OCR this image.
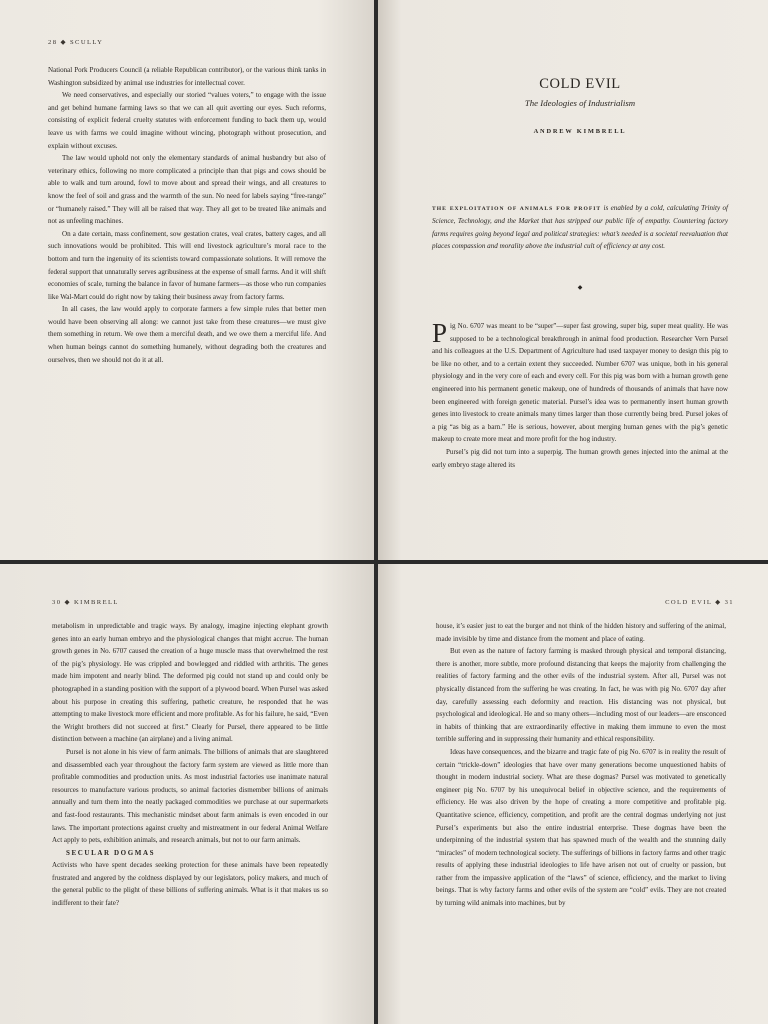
28 ◆ SCULLY

National Pork Producers Council (a reliable Republican contributor), or the various think tanks in Washington subsidized by animal use industries for intellectual cover.

We need conservatives, and especially our storied “values voters,” to engage with the issue and get behind humane farming laws so that we can all quit averting our eyes. Such reforms, consisting of explicit federal cruelty statutes with enforcement funding to back them up, would leave us with farms we could imagine without wincing, photograph without prosecution, and explain without excuses.

The law would uphold not only the elementary standards of animal husbandry but also of veterinary ethics, following no more complicated a principle than that pigs and cows should be able to walk and turn around, fowl to move about and spread their wings, and all creatures to know the feel of soil and grass and the warmth of the sun. No need for labels saying “free-range” or “humanely raised.” They will all be raised that way. They all get to be treated like animals and not as unfeeling machines.

On a date certain, mass confinement, sow gestation crates, veal crates, battery cages, and all such innovations would be prohibited. This will end livestock agriculture’s moral race to the bottom and turn the ingenuity of its scientists toward compassionate solutions. It will remove the federal support that unnaturally serves agribusiness at the expense of small farms. And it will shift economies of scale, turning the balance in favor of humane farmers—as those who run companies like Wal-Mart could do right now by taking their business away from factory farms.

In all cases, the law would apply to corporate farmers a few simple rules that better men would have been observing all along: we cannot just take from these creatures—we must give them something in return. We owe them a merciful death, and we owe them a merciful life. And when human beings cannot do something humanely, without degrading both the creatures and ourselves, then we should not do it at all.

COLD EVIL
The Ideologies of Industrialism
ANDREW KIMBRELL
THE EXPLOITATION OF ANIMALS FOR PROFIT is enabled by a cold, calculating Trinity of Science, Technology, and the Market that has stripped our public life of empathy. Countering factory farms requires going beyond legal and political strategies: what’s needed is a societal reevaluation that places compassion and morality above the industrial cult of efficiency at any cost.
◆

Pig No. 6707 was meant to be “super”—super fast growing, super big, super meat quality. He was supposed to be a technological breakthrough in animal food production. Researcher Vern Pursel and his colleagues at the U.S. Department of Agriculture had used taxpayer money to design this pig to be like no other, and to a certain extent they succeeded. Number 6707 was unique, both in his general physiology and in the very core of each and every cell. For this pig was born with a human growth gene engineered into his permanent genetic makeup, one of hundreds of thousands of animals that have now been engineered with foreign genetic material. Pursel’s idea was to permanently insert human growth genes into livestock to create animals many times larger than those currently being bred. Pursel jokes of a pig “as big as a barn.” He is serious, however, about merging human genes with the pig’s genetic makeup to create more meat and more profit for the hog industry.

Pursel’s pig did not turn into a superpig. The human growth genes injected into the animal at the early embryo stage altered its

30 ◆ KIMBRELL

metabolism in unpredictable and tragic ways. By analogy, imagine injecting elephant growth genes into an early human embryo and the physiological changes that might accrue. The human growth genes in No. 6707 caused the creation of a huge muscle mass that overwhelmed the rest of the pig’s physiology. He was crippled and bowlegged and riddled with arthritis. The genes made him impotent and nearly blind. The deformed pig could not stand up and could only be photographed in a standing position with the support of a plywood board. When Pursel was asked about his purpose in creating this suffering, pathetic creature, he responded that he was attempting to make livestock more efficient and more profitable. As for his failure, he said, “Even the Wright brothers did not succeed at first.” Clearly for Pursel, there appeared to be little distinction between a machine (an airplane) and a living animal.

Pursel is not alone in his view of farm animals. The billions of animals that are slaughtered and disassembled each year throughout the factory farm system are viewed as little more than profitable commodities and production units. As most industrial factories use inanimate natural resources to manufacture various products, so animal factories dismember billions of animals annually and turn them into the neatly packaged commodities we purchase at our supermarkets and fast-food restaurants. This mechanistic mindset about farm animals is even encoded in our laws. The important protections against cruelty and mistreatment in our federal Animal Welfare Act apply to pets, exhibition animals, and research animals, but not to our farm animals.

SECULAR DOGMAS

Activists who have spent decades seeking protection for these animals have been repeatedly frustrated and angered by the coldness displayed by our legislators, policy makers, and much of the general public to the plight of these billions of suffering animals. What is it that makes us so indifferent to their fate?

COLD EVIL ◆ 31

house, it’s easier just to eat the burger and not think of the hidden history and suffering of the animal, made invisible by time and distance from the moment and place of eating.

But even as the nature of factory farming is masked through physical and temporal distancing, there is another, more subtle, more profound distancing that keeps the majority from challenging the realities of factory farming and the other evils of the industrial system. After all, Pursel was not physically distanced from the suffering he was creating. In fact, he was with pig No. 6707 day after day, carefully assessing each deformity and reaction. His distancing was not physical, but psychological and ideological. He and so many others—including most of our leaders—are ensconced in habits of thinking that are extraordinarily effective in making them immune to even the most terrible suffering and in suppressing their humanity and ethical responsibility.

Ideas have consequences, and the bizarre and tragic fate of pig No. 6707 is in reality the result of certain “trickle-down” ideologies that have over many generations become unquestioned habits of thought in modern industrial society. What are these dogmas? Pursel was motivated to genetically engineer pig No. 6707 by his unequivocal belief in objective science, and the requirements of efficiency. He was also driven by the hope of creating a more competitive and profitable pig. Quantitative science, efficiency, competition, and profit are the central dogmas underlying not just Pursel’s experiments but also the entire industrial enterprise. These dogmas have been the underpinning of the industrial system that has spawned much of the wealth and the stunning daily “miracles” of modern technological society. The sufferings of billions in factory farms and other tragic results of applying these industrial ideologies to life have arisen not out of cruelty or passion, but rather from the impassive application of the “laws” of science, efficiency, and the market to living beings. That is why factory farms and other evils of the system are “cold” evils. They are not created by turning wild animals into machines, but by
